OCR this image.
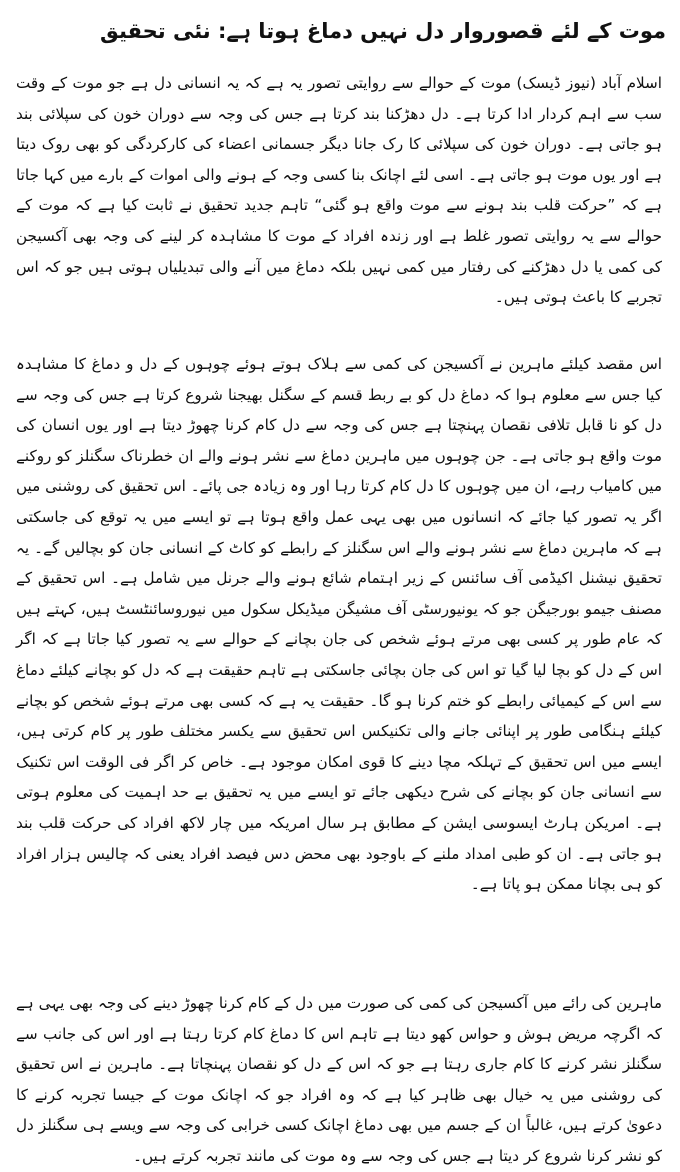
موت کے لئے قصوروار دل نہیں دماغ ہوتا ہے: نئی تحقیق

اسلام آباد (نیوز ڈیسک) موت کے حوالے سے روایتی تصور یہ ہے کہ یہ انسانی دل ہے جو موت کے وقت سب سے اہم کردار ادا کرتا ہے۔ دل دھڑکنا بند کرتا ہے جس کی وجہ سے دوران خون کی سپلائی بند ہو جاتی ہے۔ دوران خون کی سپلائی کا رک جانا دیگر جسمانی اعضاء کی کارکردگی کو بھی روک دیتا ہے اور یوں موت ہو جاتی ہے۔ اسی لئے اچانک بنا کسی وجہ کے ہونے والی اموات کے بارے میں کہا جاتا ہے کہ ”حرکت قلب بند ہونے سے موت واقع ہو گئی“ تاہم جدید تحقیق نے ثابت کیا ہے کہ موت کے حوالے سے یہ روایتی تصور غلط ہے اور زندہ افراد کے موت کا مشاہدہ کر لینے کی وجہ بھی آکسیجن کی کمی یا دل دھڑکنے کی رفتار میں کمی نہیں بلکہ دماغ میں آنے والی تبدیلیاں ہوتی ہیں جو کہ اس تجربے کا باعث ہوتی ہیں۔

اس مقصد کیلئے ماہرین نے آکسیجن کی کمی سے ہلاک ہوتے ہوئے چوہوں کے دل و دماغ کا مشاہدہ کیا جس سے معلوم ہوا کہ دماغ دل کو بے ربط قسم کے سگنل بھیجنا شروع کرتا ہے جس کی وجہ سے دل کو نا قابل تلافی نقصان پہنچتا ہے جس کی وجہ سے دل کام کرنا چھوڑ دیتا ہے اور یوں انسان کی موت واقع ہو جاتی ہے۔ جن چوہوں میں ماہرین دماغ سے نشر ہونے والے ان خطرناک سگنلز کو روکنے میں کامیاب رہے، ان میں چوہوں کا دل کام کرتا رہا اور وہ زیادہ جی پائے۔ اس تحقیق کی روشنی میں اگر یہ تصور کیا جائے کہ انسانوں میں بھی یہی عمل واقع ہوتا ہے تو ایسے میں یہ توقع کی جاسکتی ہے کہ ماہرین دماغ سے نشر ہونے والے اس سگنلز کے رابطے کو کاٹ کے انسانی جان کو بچالیں گے۔ یہ تحقیق نیشنل اکیڈمی آف سائنس کے زیر اہتمام شائع ہونے والے جرنل میں شامل ہے۔ اس تحقیق کے مصنف جیمو بورجیگن جو کہ یونیورسٹی آف مشیگن میڈیکل سکول میں نیوروسائنٹسٹ ہیں، کہتے ہیں کہ عام طور پر کسی بھی مرتے ہوئے شخص کی جان بچانے کے حوالے سے یہ تصور کیا جاتا ہے کہ اگر اس کے دل کو بچا لیا گیا تو اس کی جان بچائی جاسکتی ہے تاہم حقیقت ہے کہ دل کو بچانے کیلئے دماغ سے اس کے کیمیائی رابطے کو ختم کرنا ہو گا۔ حقیقت یہ ہے کہ کسی بھی مرتے ہوئے شخص کو بچانے کیلئے ہنگامی طور پر اپنائی جانے والی تکنیکس اس تحقیق سے یکسر مختلف طور پر کام کرتی ہیں، ایسے میں اس تحقیق کے تہلکہ مچا دینے کا قوی امکان موجود ہے۔ خاص کر اگر فی الوقت اس تکنیک سے انسانی جان کو بچانے کی شرح دیکھی جائے تو ایسے میں یہ تحقیق بے حد اہمیت کی معلوم ہوتی ہے۔ امریکن ہارٹ ایسوسی ایشن کے مطابق ہر سال امریکہ میں چار لاکھ افراد کی حرکت قلب بند ہو جاتی ہے۔ ان کو طبی امداد ملنے کے باوجود بھی محض دس فیصد افراد یعنی کہ چالیس ہزار افراد کو ہی بچانا ممکن ہو پاتا ہے۔

ماہرین کی رائے میں آکسیجن کی کمی کی صورت میں دل کے کام کرنا چھوڑ دینے کی وجہ بھی یہی ہے کہ اگرچہ مریض ہوش و حواس کھو دیتا ہے تاہم اس کا دماغ کام کرتا رہتا ہے اور اس کی جانب سے سگنلز نشر کرنے کا کام جاری رہتا ہے جو کہ اس کے دل کو نقصان پہنچاتا ہے۔ ماہرین نے اس تحقیق کی روشنی میں یہ خیال بھی ظاہر کیا ہے کہ وہ افراد جو کہ اچانک موت کے جیسا تجربہ کرنے کا دعویٰ کرتے ہیں، غالباً ان کے جسم میں بھی دماغ اچانک کسی خرابی کی وجہ سے ویسے ہی سگنلز دل کو نشر کرنا شروع کر دیتا ہے جس کی وجہ سے وہ موت کی مانند تجربہ کرتے ہیں۔
